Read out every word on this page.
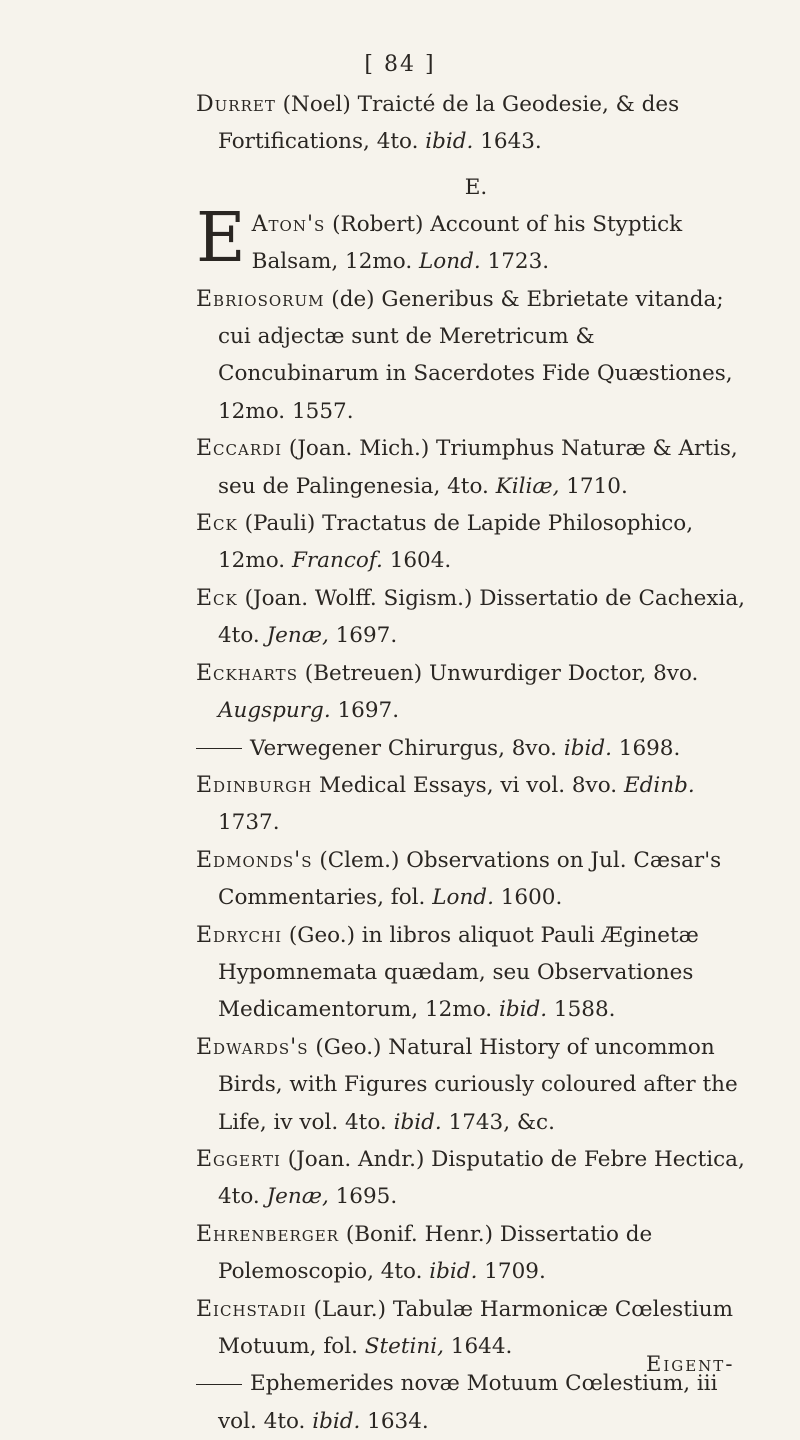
[ 84 ]
Durret (Noel) Traicté de la Geodesie, & des Fortifications, 4to. ibid. 1643.
E.
E Aton's (Robert) Account of his Styptick Balsam, 12mo. Lond. 1723.
Ebriosorum (de) Generibus & Ebrietate vitanda; cui adjectæ sunt de Meretricum & Concubinarum in Sacerdotes Fide Quæstiones, 12mo. 1557.
Eccardi (Joan. Mich.) Triumphus Naturæ & Artis, seu de Palingenesia, 4to. Kiliæ, 1710.
Eck (Pauli) Tractatus de Lapide Philosophico, 12mo. Francof. 1604.
Eck (Joan. Wolff. Sigism.) Dissertatio de Cachexia, 4to. Jenæ, 1697.
Eckharts (Betreuen) Unwurdiger Doctor, 8vo. Augspurg. 1697.
Verwegener Chirurgus, 8vo. ibid. 1698.
Edinburgh Medical Essays, vi vol. 8vo. Edinb. 1737.
Edmonds's (Clem.) Observations on Jul. Cæsar's Commentaries, fol. Lond. 1600.
Edrychi (Geo.) in libros aliquot Pauli Æginetæ Hypomnemata quædam, seu Observationes Medicamentorum, 12mo. ibid. 1588.
Edwards's (Geo.) Natural History of uncommon Birds, with Figures curiously coloured after the Life, iv vol. 4to. ibid. 1743, &c.
Eggerti (Joan. Andr.) Disputatio de Febre Hectica, 4to. Jenæ, 1695.
Ehrenberger (Bonif. Henr.) Dissertatio de Polemoscopio, 4to. ibid. 1709.
Eichstadii (Laur.) Tabulæ Harmonicæ Cœlestium Motuum, fol. Stetini, 1644.
Ephemerides novæ Motuum Cœlestium, iii vol. 4to. ibid. 1634.
Eigent-
